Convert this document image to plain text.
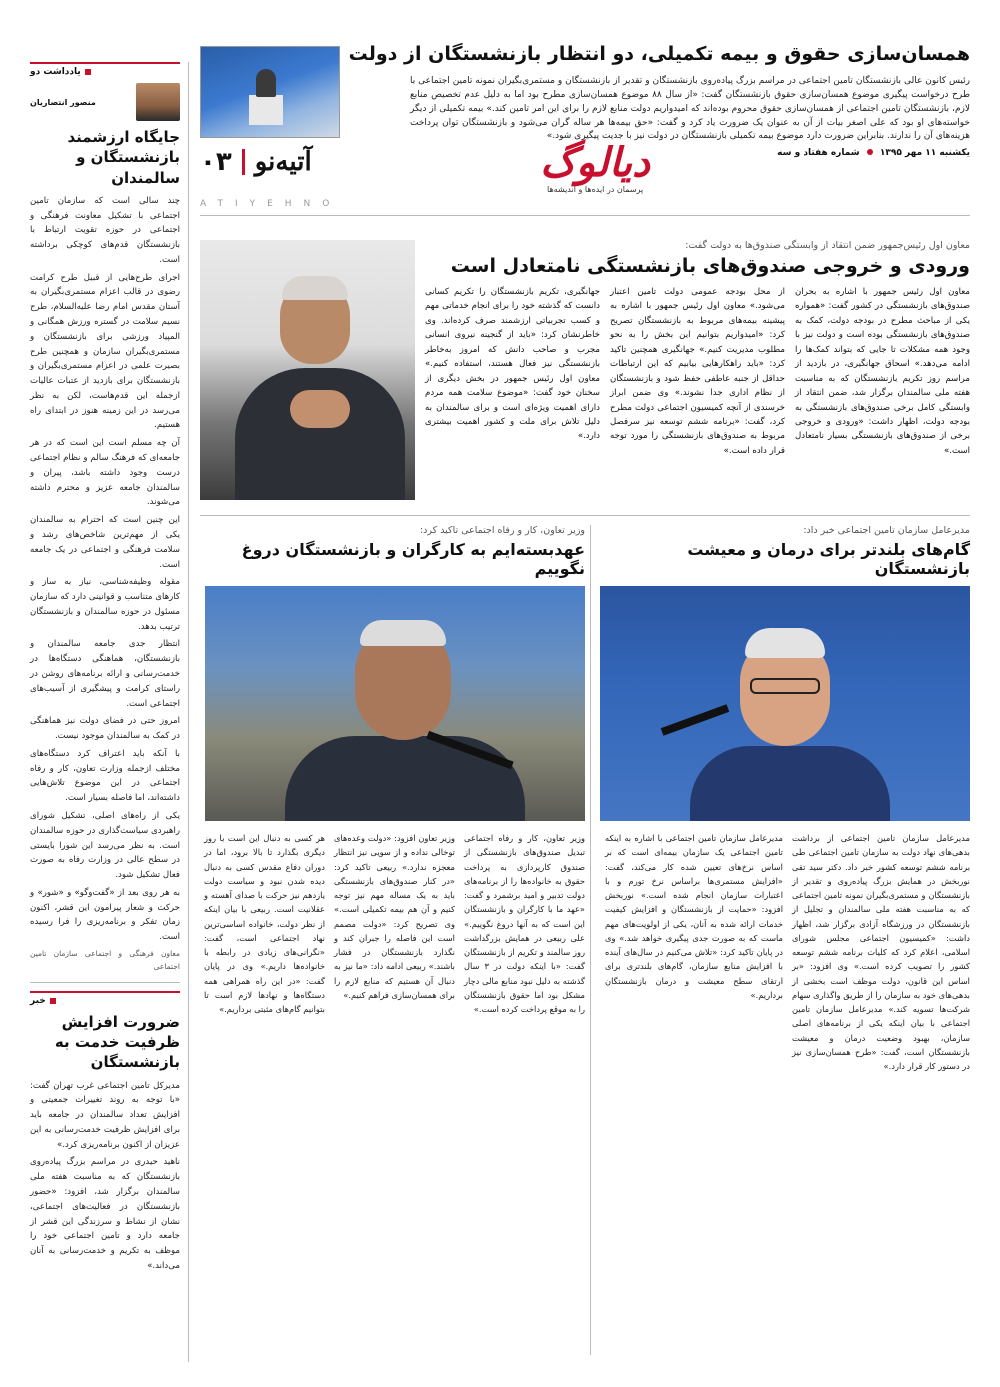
همسان‌سازی حقوق و بیمه تکمیلی، دو انتظار بازنشستگان از دولت

رئیس کانون عالی بازنشستگان تامین اجتماعی در مراسم بزرگ پیاده‌روی بازنشستگان و تقدیر از بازنشستگان و مستمری‌بگیران نمونه تامین اجتماعی با طرح درخواست پیگیری موضوع همسان‌سازی حقوق بازنشستگان گفت: «از سال ۸۸ موضوع همسان‌سازی مطرح بود اما به دلیل عدم تخصیص منابع لازم، بازنشستگان تامین اجتماعی از همسان‌سازی حقوق محروم بوده‌اند که امیدواریم دولت منابع لازم را برای این امر تامین کند.» بیمه تکمیلی از دیگر خواسته‌های او بود که علی اصغر بیات از آن به عنوان یک ضرورت یاد کرد و گفت: «حق بیمه‌ها هر ساله گران می‌شود و بازنشستگان توان پرداخت هزینه‌های آن را ندارند. بنابراین ضرورت دارد موضوع بیمه تکمیلی بازنشستگان در دولت نیز با جدیت پیگیری شود.»

یکشنبه ۱۱ مهر ۱۳۹۵  شماره هفتاد و سه
دیالوگ
پرسمان در ایده‌ها و اندیشه‌ها
آتیه‌نو
۰۳
ATIYEHNO
یادداشت دو
منصور انتصاریان
جایگاه ارزشمند بازنشستگان و سالمندان

چند سالی است که سازمان تامین اجتماعی با تشکیل معاونت فرهنگی و اجتماعی در حوزه تقویت ارتباط با بازنشستگان قدم‌های کوچکی برداشته است.

اجرای طرح‌هایی از قبیل طرح کرامت رضوی در قالب اعزام مستمری‌بگیران به آستان مقدس امام رضا علیه‌السلام، طرح نسیم سلامت در گستره ورزش همگانی و المپیاد ورزشی برای بازنشستگان و مستمری‌بگیران سازمان و همچنین طرح بصیرت علمی در اعزام مستمری‌بگیران و بازنشستگان برای بازدید از عتبات عالیات ازجمله این قدم‌هاست، لکن به نظر می‌رسد در این زمینه هنوز در ابتدای راه هستیم.

آن چه مسلم است این است که در هر جامعه‌ای که فرهنگ سالم و نظام اجتماعی درست وجود داشته باشد، پیران و سالمندان جامعه عزیز و محترم داشته می‌شوند.

این چنین است که احترام به سالمندان یکی از مهم‌ترین شاخص‌های رشد و سلامت فرهنگی و اجتماعی در یک جامعه است.

مقوله وظیفه‌شناسی، نیاز به ساز و کارهای متناسب و قوانینی دارد که سازمان مسئول در حوزه سالمندان و بازنشستگان ترتیب بدهد.

انتظار جدی جامعه سالمندان و بازنشستگان، هماهنگی دستگاه‌ها در خدمت‌رسانی و ارائه برنامه‌های روشن در راستای کرامت و پیشگیری از آسیب‌های اجتماعی است.

امروز حتی در فضای دولت نیز هماهنگی در کمک به سالمندان موجود نیست.

با آنکه باید اعتراف کرد دستگاه‌های مختلف ازجمله وزارت تعاون، کار و رفاه اجتماعی در این موضوع تلاش‌هایی داشته‌اند، اما فاصله بسیار است.

یکی از راه‌های اصلی، تشکیل شورای راهبردی سیاست‌گذاری در حوزه سالمندان است. به نظر می‌رسد این شورا بایستی در سطح عالی در وزارت رفاه به صورت فعال تشکیل شود.

به هر روی بعد از «گفت‌وگو» و «شور» و حرکت و شعار پیرامون این قشر، اکنون زمان تفکر و برنامه‌ریزی را فرا رسیده است.

معاون فرهنگی و اجتماعی سازمان تامین اجتماعی

خبر
ضرورت افزایش ظرفیت خدمت به بازنشستگان

مدیرکل تامین اجتماعی غرب تهران گفت: «با توجه به روند تغییرات جمعیتی و افزایش تعداد سالمندان در جامعه باید برای افزایش ظرفیت خدمت‌رسانی به این عزیزان از اکنون برنامه‌ریزی کرد.»

ناهید حیدری در مراسم بزرگ پیاده‌روی بازنشستگان که به مناسبت هفته ملی سالمندان برگزار شد، افزود: «حضور بازنشستگان در فعالیت‌های اجتماعی، نشان از نشاط و سرزندگی این قشر از جامعه دارد و تامین اجتماعی خود را موظف به تکریم و خدمت‌رسانی به آنان می‌داند.»

معاون اول رئیس‌جمهور ضمن انتقاد از وابستگی صندوق‌ها به دولت گفت:
ورودی و خروجی صندوق‌های بازنشستگی نامتعادل است
معاون اول رئیس جمهور با اشاره به بحران صندوق‌های بازنشستگی در کشور گفت: «همواره یکی از مباحث مطرح در بودجه دولت، کمک به صندوق‌های بازنشستگی بوده است و دولت نیز با وجود همه مشکلات تا جایی که بتواند کمک‌ها را ادامه می‌دهد.» اسحاق جهانگیری، در بازدید از مراسم روز تکریم بازنشستگان که به مناسبت هفته ملی سالمندان برگزار شد، ضمن انتقاد از وابستگی کامل برخی صندوق‌های بازنشستگی به بودجه دولت، اظهار داشت: «ورودی و خروجی برخی از صندوق‌های بازنشستگی بسیار نامتعادل است.»
از محل بودجه عمومی دولت تامین اعتبار می‌شود.» معاون اول رئیس جمهور با اشاره به پیشینه بیمه‌های مربوط به بازنشستگان تصریح کرد: «امیدواریم بتوانیم این بخش را به نحو مطلوب مدیریت کنیم.» جهانگیری همچنین تاکید کرد: «باید راهکارهایی بیابیم که این ارتباطات حداقل از جنبه عاطفی حفظ شود و بازنشستگان از نظام اداری جدا نشوند.» وی ضمن ابراز خرسندی از آنچه کمیسیون اجتماعی دولت مطرح کرد، گفت: «برنامه ششم توسعه نیز سرفصل مربوط به صندوق‌های بازنشستگی را مورد توجه قرار داده است.»
جهانگیری، تکریم بازنشستگان را تکریم کسانی دانست که گذشته خود را برای انجام خدماتی مهم و کسب تجربیاتی ارزشمند صرف کرده‌اند. وی خاطرنشان کرد: «باید از گنجینه نیروی انسانی مجرب و صاحب دانش که امروز به‌خاطر بازنشستگی نیز فعال هستند، استفاده کنیم.» معاون اول رئیس جمهور در بخش دیگری از سخنان خود گفت: «موضوع سلامت همه مردم دارای اهمیت ویژه‌ای است و برای سالمندان به دلیل تلاش برای ملت و کشور اهمیت بیشتری دارد.»
مدیرعامل سازمان تامین اجتماعی خبر داد:
گام‌های بلندتر برای درمان و معیشت بازنشستگان
مدیرعامل سازمان تامین اجتماعی از برداشت بدهی‌های نهاد دولت به سازمان تامین اجتماعی طی برنامه ششم توسعه کشور خبر داد. دکتر سید تقی نوربخش در همایش بزرگ پیاده‌روی و تقدیر از بازنشستگان و مستمری‌بگیران نمونه تامین اجتماعی که به مناسبت هفته ملی سالمندان و تجلیل از بازنشستگان در ورزشگاه آزادی برگزار شد، اظهار داشت: «کمیسیون اجتماعی مجلس شورای اسلامی، اعلام کرد که کلیات برنامه ششم توسعه کشور را تصویب کرده است.» وی افزود: «بر اساس این قانون، دولت موظف است بخشی از بدهی‌های خود به سازمان را از طریق واگذاری سهام شرکت‌ها تسویه کند.» مدیرعامل سازمان تامین اجتماعی با بیان اینکه یکی از برنامه‌های اصلی سازمان، بهبود وضعیت درمان و معیشت بازنشستگان است، گفت: «طرح همسان‌سازی نیز در دستور کار قرار دارد.»
مدیرعامل سازمان تامین اجتماعی با اشاره به اینکه تامین اجتماعی یک سازمان بیمه‌ای است که بر اساس نرخ‌های تعیین شده کار می‌کند، گفت: «افزایش مستمری‌ها براساس نرخ تورم و با اعتبارات سازمان انجام شده است.» نوربخش افزود: «حمایت از بازنشستگان و افزایش کیفیت خدمات ارائه شده به آنان، یکی از اولویت‌های مهم ماست که به صورت جدی پیگیری خواهد شد.» وی در پایان تاکید کرد: «تلاش می‌کنیم در سال‌های آینده با افزایش منابع سازمان، گام‌های بلندتری برای ارتقای سطح معیشت و درمان بازنشستگان برداریم.»
وزیر تعاون، کار و رفاه اجتماعی تاکید کرد:
عهدبسته‌ایم به کارگران و بازنشستگان دروغ نگوییم
وزیر تعاون، کار و رفاه اجتماعی تبدیل صندوق‌های بازنشستگی از صندوق کارپردازی به پرداخت حقوق به خانواده‌ها را از برنامه‌های دولت تدبیر و امید برشمرد و گفت: «عهد ما با کارگران و بازنشستگان این است که به آنها دروغ نگوییم.» علی ربیعی در همایش بزرگداشت روز سالمند و تکریم از بازنشستگان گفت: «با اینکه دولت در ۳ سال گذشته به دلیل نبود منابع مالی دچار مشکل بود اما حقوق بازنشستگان را به موقع پرداخت کرده است.»
وزیر تعاون افزود: «دولت وعده‌های توخالی نداده و از سویی نیز انتظار معجزه ندارد.» ربیعی تاکید کرد: «در کنار صندوق‌های بازنشستگی باید به یک مساله مهم نیز توجه کنیم و آن هم بیمه تکمیلی است.» وی تصریح کرد: «دولت مصمم است این فاصله را جبران کند و نگذارد بازنشستگان در فشار باشند.» ربیعی ادامه داد: «ما نیز به دنبال آن هستیم که منابع لازم را برای همسان‌سازی فراهم کنیم.»
هر کسی به دنبال این است با روز دیگری بگذارد تا بالا برود، اما در دوران دفاع مقدس کسی به دنبال دیده شدن نبود و سیاست دولت یازدهم نیز حرکت با صدای آهسته و عقلانیت است. ربیعی با بیان اینکه از نظر دولت، خانواده اساسی‌ترین نهاد اجتماعی است، گفت: «نگرانی‌های زیادی در رابطه با خانواده‌ها داریم.» وی در پایان گفت: «در این راه همراهی همه دستگاه‌ها و نهادها لازم است تا بتوانیم گام‌های مثبتی برداریم.»
